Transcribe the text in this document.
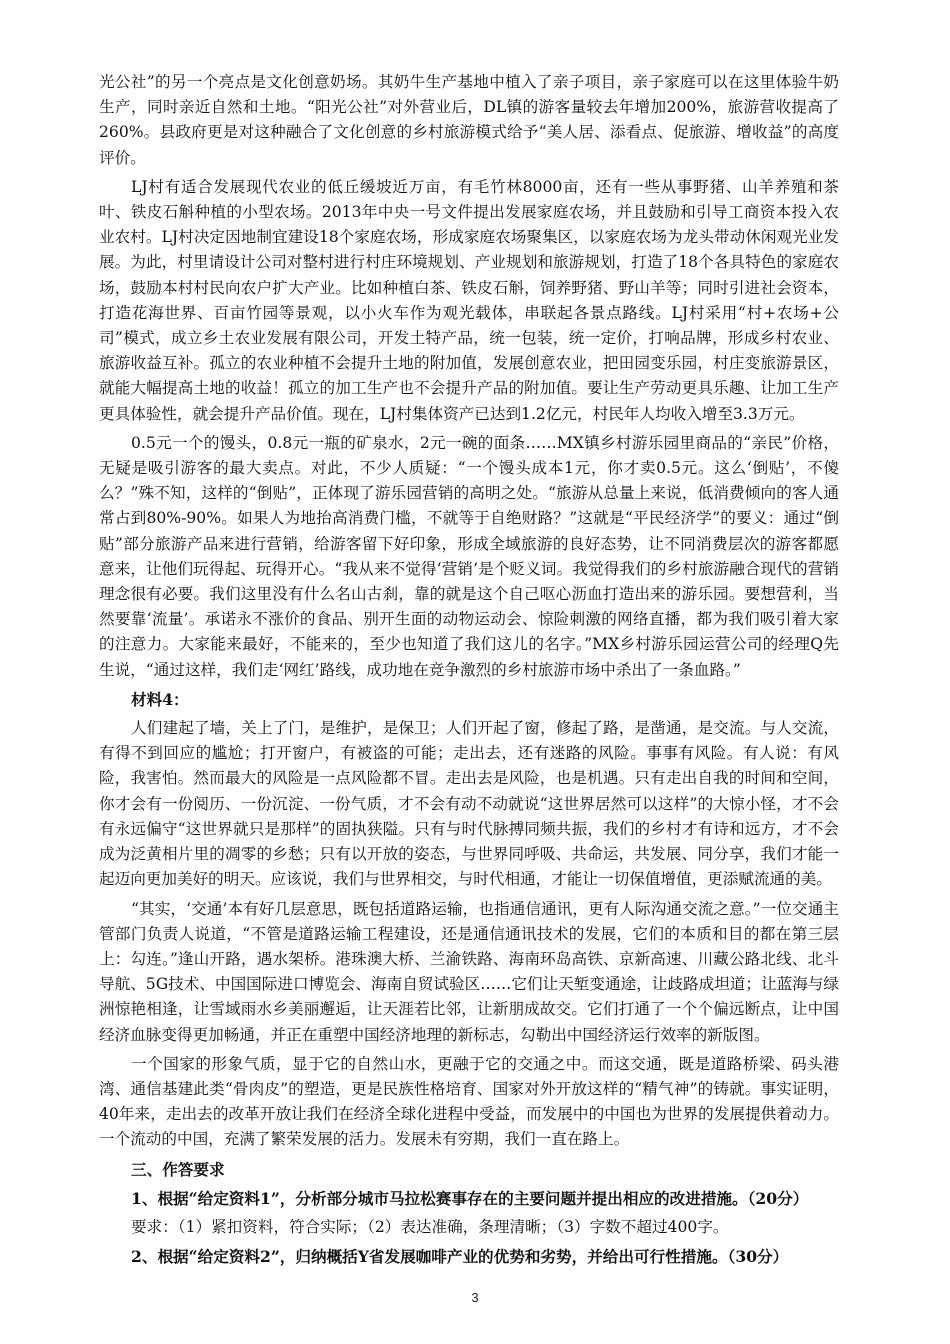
光公社”的另一个亮点是文化创意奶场。其奶牛生产基地中植入了亲子项目，亲子家庭可以在这里体验牛奶生产，同时亲近自然和土地。“阳光公社”对外营业后，DL镇的游客量较去年增加200%，旅游营收提高了260%。县政府更是对这种融合了文化创意的乡村旅游模式给予“美人居、添看点、促旅游、增收益”的高度评价。

LJ村有适合发展现代农业的低丘缓坡近万亩，有毛竹林8000亩，还有一些从事野猪、山羊养殖和茶叶、铁皮石斛种植的小型农场。2013年中央一号文件提出发展家庭农场，并且鼓励和引导工商资本投入农业农村。LJ村决定因地制宜建设18个家庭农场，形成家庭农场聚集区，以家庭农场为龙头带动休闲观光业发展。为此，村里请设计公司对整村进行村庄环境规划、产业规划和旅游规划，打造了18个各具特色的家庭农场，鼓励本村村民向农户扩大产业。比如种植白茶、铁皮石斛，饲养野猪、野山羊等；同时引进社会资本，打造花海世界、百亩竹园等景观，以小火车作为观光载体，串联起各景点路线。LJ村采用“村+农场+公司”模式，成立乡土农业发展有限公司，开发土特产品，统一包装，统一定价，打响品牌，形成乡村农业、旅游收益互补。孤立的农业种植不会提升土地的附加值，发展创意农业，把田园变乐园，村庄变旅游景区，就能大幅提高土地的收益！孤立的加工生产也不会提升产品的附加值。要让生产劳动更具乐趣、让加工生产更具体验性，就会提升产品价值。现在，LJ村集体资产已达到1.2亿元，村民年人均收入增至3.3万元。

0.5元一个的馒头，0.8元一瓶的矿泉水，2元一碗的面条……MX镇乡村游乐园里商品的“亲民”价格，无疑是吸引游客的最大卖点。对此，不少人质疑：“一个馒头成本1元，你才卖0.5元。这么‘倒贴’，不傻么？”殊不知，这样的“倒贴”，正体现了游乐园营销的高明之处。“旅游从总量上来说，低消费倾向的客人通常占到80%-90%。如果人为地抬高消费门槛，不就等于自绝财路？”这就是“平民经济学”的要义：通过“倒贴”部分旅游产品来进行营销，给游客留下好印象，形成全域旅游的良好态势，让不同消费层次的游客都愿意来，让他们玩得起、玩得开心。“我从来不觉得‘营销’是个贬义词。我觉得我们的乡村旅游融合现代的营销理念很有必要。我们这里没有什么名山古刹，靠的就是这个自己呕心沥血打造出来的游乐园。要想营利，当然要靠‘流量’。承诺永不涨价的食品、别开生面的动物运动会、惊险刺激的网络直播，都为我们吸引着大家的注意力。大家能来最好，不能来的，至少也知道了我们这儿的名字。”MX乡村游乐园运营公司的经理Q先生说，“通过这样，我们走‘网红’路线，成功地在竞争激烈的乡村旅游市场中杀出了一条血路。”

材料4：

人们建起了墙，关上了门，是维护，是保卫；人们开起了窗，修起了路，是凿通，是交流。与人交流，有得不到回应的尴尬；打开窗户，有被盗的可能；走出去，还有迷路的风险。事事有风险。有人说：有风险，我害怕。然而最大的风险是一点风险都不冒。走出去是风险，也是机遇。只有走出自我的时间和空间，你才会有一份阅历、一份沉淀、一份气质，才不会有动不动就说“这世界居然可以这样”的大惊小怪，才不会有永远偏守“这世界就只是那样”的固执狭隘。只有与时代脉搏同频共振，我们的乡村才有诗和远方，才不会成为泛黄相片里的凋零的乡愁；只有以开放的姿态，与世界同呼吸、共命运，共发展、同分享，我们才能一起迈向更加美好的明天。应该说，我们与世界相交，与时代相通，才能让一切保值增值，更添赋流通的美。

“其实，‘交通’本有好几层意思，既包括道路运输，也指通信通讯，更有人际沟通交流之意。”一位交通主管部门负责人说道，“不管是道路运输工程建设，还是通信通讯技术的发展，它们的本质和目的都在第三层上：勾连。”逢山开路，遇水架桥。港珠澳大桥、兰渝铁路、海南环岛高铁、京新高速、川藏公路北线、北斗导航、5G技术、中国国际进口博览会、海南自贸试验区……它们让天堑变通途，让歧路成坦道；让蓝海与绿洲惊艳相逢，让雪域雨水乡美丽邂逅，让天涯若比邻，让新朋成故交。它们打通了一个个偏远断点，让中国经济血脉变得更加畅通，并正在重塑中国经济地理的新标志，勾勒出中国经济运行效率的新版图。

一个国家的形象气质，显于它的自然山水，更融于它的交通之中。而这交通，既是道路桥梁、码头港湾、通信基建此类“骨肉皮”的塑造，更是民族性格培育、国家对外开放这样的“精气神”的铸就。事实证明，40年来，走出去的改革开放让我们在经济全球化进程中受益，而发展中的中国也为世界的发展提供着动力。一个流动的中国，充满了繁荣发展的活力。发展未有穷期，我们一直在路上。

三、作答要求

1、根据“给定资料1”，分析部分城市马拉松赛事存在的主要问题并提出相应的改进措施。（20分）

要求：（1）紧扣资料，符合实际；（2）表达准确，条理清晰；（3）字数不超过400字。

2、根据“给定资料2”，归纳概括Y省发展咖啡产业的优势和劣势，并给出可行性措施。（30分）

3
